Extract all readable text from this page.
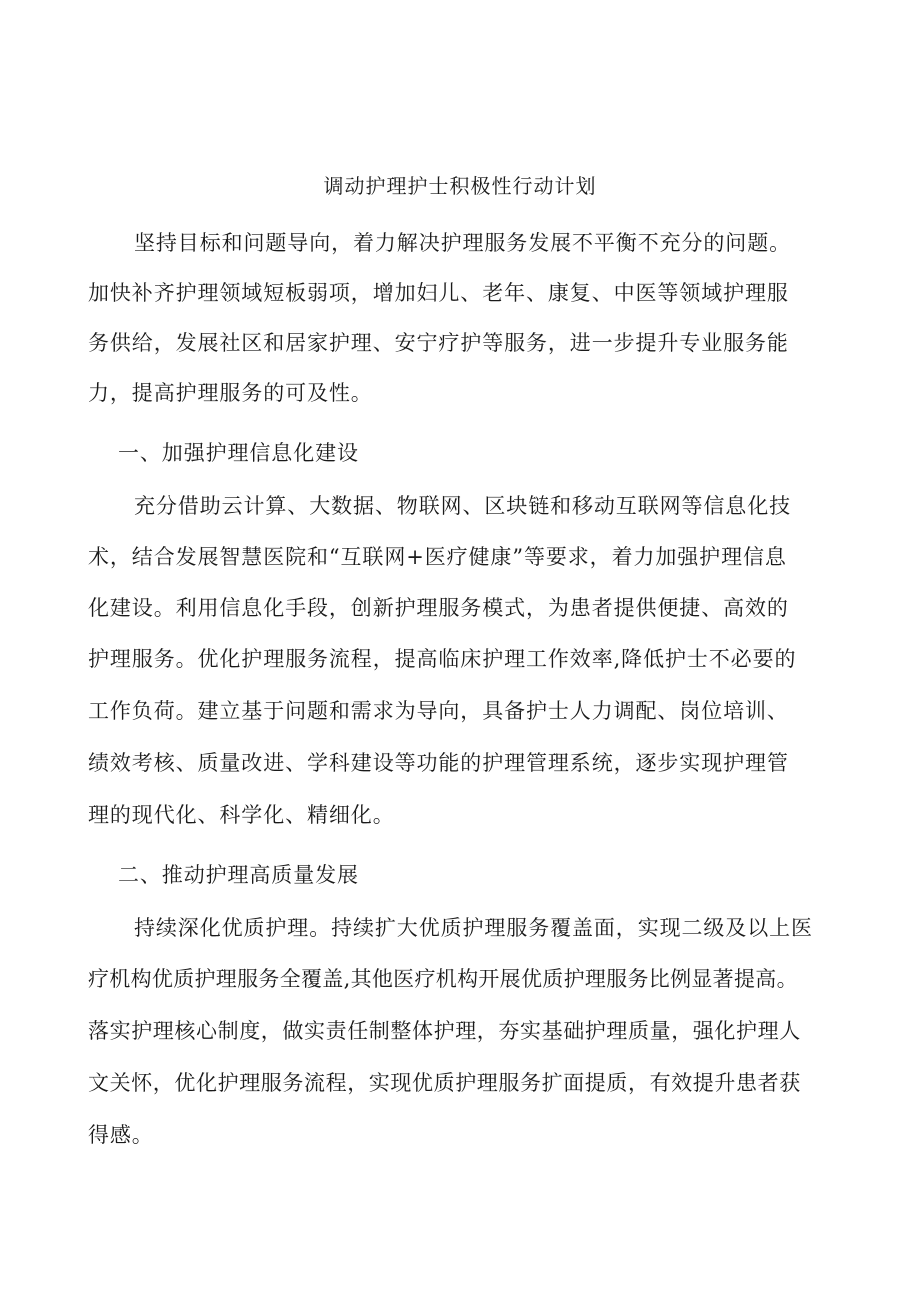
调动护理护士积极性行动计划
坚持目标和问题导向，着力解决护理服务发展不平衡不充分的问题。
加快补齐护理领域短板弱项，增加妇儿、老年、康复、中医等领域护理服
务供给，发展社区和居家护理、安宁疗护等服务，进一步提升专业服务能
力，提高护理服务的可及性。
一、加强护理信息化建设
充分借助云计算、大数据、物联网、区块链和移动互联网等信息化技
术，结合发展智慧医院和“互联网+医疗健康”等要求，着力加强护理信息
化建设。利用信息化手段，创新护理服务模式，为患者提供便捷、高效的
护理服务。优化护理服务流程，提高临床护理工作效率,降低护士不必要的
工作负荷。建立基于问题和需求为导向，具备护士人力调配、岗位培训、
绩效考核、质量改进、学科建设等功能的护理管理系统，逐步实现护理管
理的现代化、科学化、精细化。
二、推动护理高质量发展
持续深化优质护理。持续扩大优质护理服务覆盖面，实现二级及以上医
疗机构优质护理服务全覆盖,其他医疗机构开展优质护理服务比例显著提高。
落实护理核心制度，做实责任制整体护理，夯实基础护理质量，强化护理人
文关怀，优化护理服务流程，实现优质护理服务扩面提质，有效提升患者获
得感。
